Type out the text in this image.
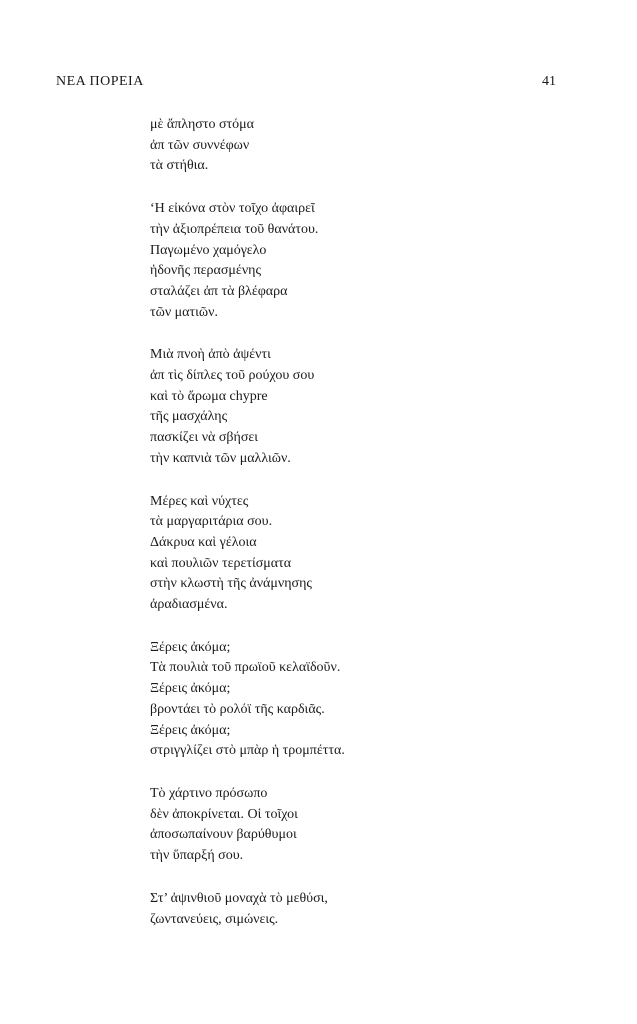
ΝΕΑ ΠΟΡΕΙΑ	41
μὲ ἄπληστο στόμα
ἀπ τῶν συννέφων
τὰ στήθια.
‘Η εἰκόνα στὸν τοῖχο ἀφαιρεῖ
τὴν ἀξιοπρέπεια τοῦ θανάτου.
Παγωμένο χαμόγελο
ἡδονῆς περασμένης
σταλάζει ἀπ τὰ βλέφαρα
τῶν ματιῶν.
Μιὰ πνοὴ ἀπὸ ἀψέντι
ἀπ τὶς δίπλες τοῦ ρούχου σου
καὶ τὸ ἄρωμα chypre
τῆς μασχάλης
πασκίζει νὰ σβήσει
τὴν καπνιὰ τῶν μαλλιῶν.
Μέρες καὶ νύχτες
τὰ μαργαριτάρια σου.
Δάκρυα καὶ γέλοια
καὶ πουλιῶν τερετίσματα
στὴν κλωστὴ τῆς ἀνάμνησης
ἀραδιασμένα.
Ξέρεις ἀκόμα;
Τὰ πουλιὰ τοῦ πρωϊοῦ κελαϊδοῦν.
Ξέρεις ἀκόμα;
βροντάει τὸ ρολόϊ τῆς καρδιᾶς.
Ξέρεις ἀκόμα;
στριγγλίζει στὸ μπὰρ ἡ τρομπέττα.
Τὸ χάρτινο πρόσωπο
δὲν ἀποκρίνεται. Οἱ τοῖχοι
ἀποσωπαίνουν βαρύθυμοι
τὴν ὕπαρξή σου.
Στ’ ἀψινθιοῦ μοναχὰ τὸ μεθύσι,
ζωντανεύεις, σιμώνεις.
